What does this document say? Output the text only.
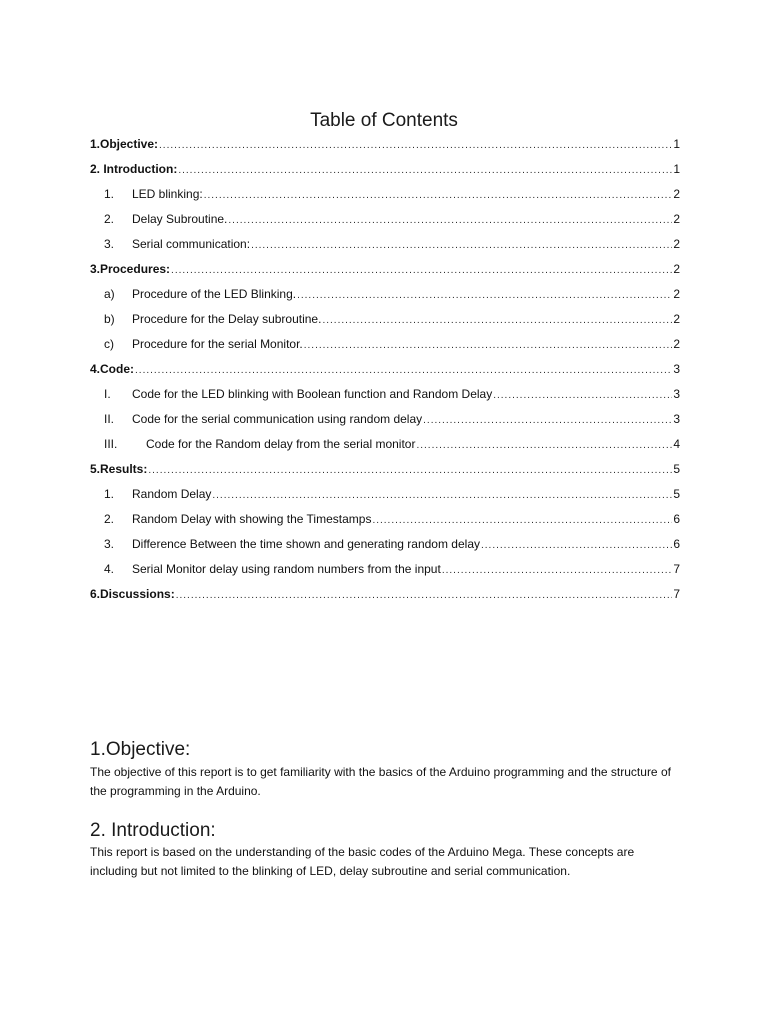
Table of Contents
1.Objective: .....	1
2. Introduction: .....	1
1.	LED blinking: .....	2
2.	Delay Subroutine. .....	2
3.	Serial communication: .....	2
3.Procedures: .....	2
a)	Procedure of the LED Blinking. .....	2
b)	Procedure for the Delay subroutine. .....	2
c)	Procedure for the serial Monitor. .....	2
4.Code: .....	3
I.	Code for the LED blinking with Boolean function and Random Delay .....	3
II.	Code for the serial communication using random delay .....	3
III.	Code for the Random delay from the serial monitor .....	4
5.Results: .....	5
1.	Random Delay .....	5
2.	Random Delay with showing the Timestamps .....	6
3.	Difference Between the time shown and generating random delay .....	6
4.	Serial Monitor delay using random numbers from the input .....	7
6.Discussions: .....	7
1.Objective:
The objective of this report is to get familiarity with the basics of the Arduino programming and the structure of the programming in the Arduino.
2. Introduction:
This report is based on the understanding of the basic codes of the Arduino Mega. These concepts are including but not limited to the blinking of LED, delay subroutine and serial communication.
